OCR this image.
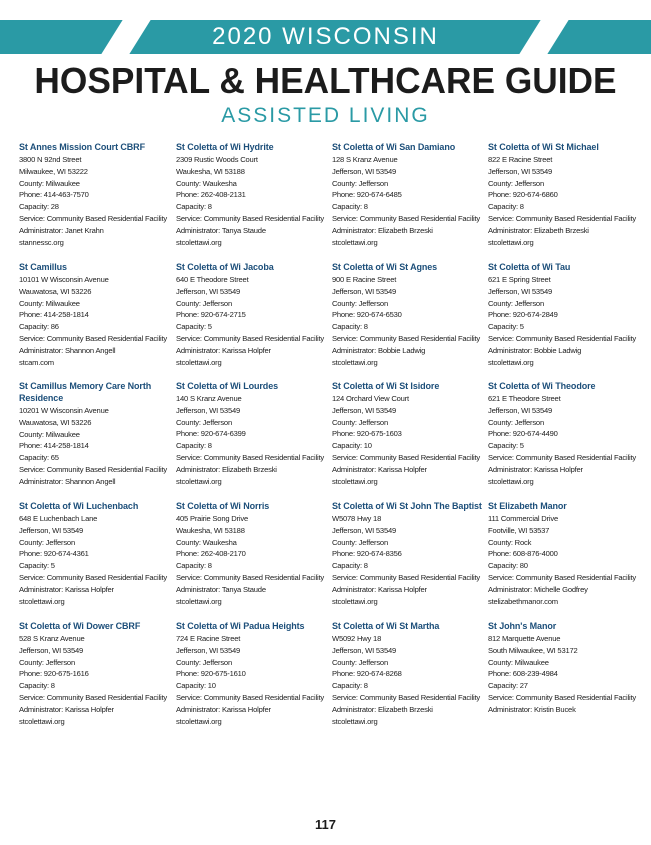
2020 WISCONSIN
HOSPITAL & HEALTHCARE GUIDE
ASSISTED LIVING
St Annes Mission Court CBRF
3800 N 92nd Street
Milwaukee, WI 53222
County: Milwaukee
Phone: 414-463-7570
Capacity: 28
Service: Community Based Residential Facility
Administrator: Janet Krahn
stannessc.org
St Camillus
10101 W Wisconsin Avenue
Wauwatosa, WI 53226
County: Milwaukee
Phone: 414-258-1814
Capacity: 86
Service: Community Based Residential Facility
Administrator: Shannon Angell
stcam.com
St Camillus Memory Care North Residence
10201 W Wisconsin Avenue
Wauwatosa, WI 53226
County: Milwaukee
Phone: 414-258-1814
Capacity: 65
Service: Community Based Residential Facility
Administrator: Shannon Angell
St Coletta of Wi Luchenbach
648 E Luchenbach Lane
Jefferson, WI 53549
County: Jefferson
Phone: 920-674-4361
Capacity: 5
Service: Community Based Residential Facility
Administrator: Karissa Holpfer
stcolettawi.org
St Coletta of Wi Dower CBRF
528 S Kranz Avenue
Jefferson, WI 53549
County: Jefferson
Phone: 920-675-1616
Capacity: 8
Service: Community Based Residential Facility
Administrator: Karissa Holpfer
stcolettawi.org
St Coletta of Wi Hydrite
2309 Rustic Woods Court
Waukesha, WI 53188
County: Waukesha
Phone: 262-408-2131
Capacity: 8
Service: Community Based Residential Facility
Administrator: Tanya Staude
stcolettawi.org
St Coletta of Wi Jacoba
640 E Theodore Street
Jefferson, WI 53549
County: Jefferson
Phone: 920-674-2715
Capacity: 5
Service: Community Based Residential Facility
Administrator: Karissa Holpfer
stcolettawi.org
St Coletta of Wi Lourdes
140 S Kranz Avenue
Jefferson, WI 53549
County: Jefferson
Phone: 920-674-6399
Capacity: 8
Service: Community Based Residential Facility
Administrator: Elizabeth Brzeski
stcolettawi.org
St Coletta of Wi Norris
405 Prairie Song Drive
Waukesha, WI 53188
County: Waukesha
Phone: 262-408-2170
Capacity: 8
Service: Community Based Residential Facility
Administrator: Tanya Staude
stcolettawi.org
St Coletta of Wi Padua Heights
724 E Racine Street
Jefferson, WI 53549
County: Jefferson
Phone: 920-675-1610
Capacity: 10
Service: Community Based Residential Facility
Administrator: Karissa Holpfer
stcolettawi.org
St Coletta of Wi San Damiano
128 S Kranz Avenue
Jefferson, WI 53549
County: Jefferson
Phone: 920-674-6485
Capacity: 8
Service: Community Based Residential Facility
Administrator: Elizabeth Brzeski
stcolettawi.org
St Coletta of Wi St Agnes
900 E Racine Street
Jefferson, WI 53549
County: Jefferson
Phone: 920-674-6530
Capacity: 8
Service: Community Based Residential Facility
Administrator: Bobbie Ladwig
stcolettawi.org
St Coletta of Wi St Isidore
124 Orchard View Court
Jefferson, WI 53549
County: Jefferson
Phone: 920-675-1603
Capacity: 10
Service: Community Based Residential Facility
Administrator: Karissa Holpfer
stcolettawi.org
St Coletta of Wi St John The Baptist
W5078 Hwy 18
Jefferson, WI 53549
County: Jefferson
Phone: 920-674-8356
Capacity: 8
Service: Community Based Residential Facility
Administrator: Karissa Holpfer
stcolettawi.org
St Coletta of Wi St Martha
W5092 Hwy 18
Jefferson, WI 53549
County: Jefferson
Phone: 920-674-8268
Capacity: 8
Service: Community Based Residential Facility
Administrator: Elizabeth Brzeski
stcolettawi.org
St Coletta of Wi St Michael
822 E Racine Street
Jefferson, WI 53549
County: Jefferson
Phone: 920-674-6860
Capacity: 8
Service: Community Based Residential Facility
Administrator: Elizabeth Brzeski
stcolettawi.org
St Coletta of Wi Tau
621 E Spring Street
Jefferson, WI 53549
County: Jefferson
Phone: 920-674-2849
Capacity: 5
Service: Community Based Residential Facility
Administrator: Bobbie Ladwig
stcolettawi.org
St Coletta of Wi Theodore
621 E Theodore Street
Jefferson, WI 53549
County: Jefferson
Phone: 920-674-4490
Capacity: 5
Service: Community Based Residential Facility
Administrator: Karissa Holpfer
stcolettawi.org
St Elizabeth Manor
111 Commercial Drive
Footville, WI 53537
County: Rock
Phone: 608-876-4000
Capacity: 80
Service: Community Based Residential Facility
Administrator: Michelle Godfrey
stelizabethmanor.com
St John's Manor
812 Marquette Avenue
South Milwaukee, WI 53172
County: Milwaukee
Phone: 608-239-4984
Capacity: 27
Service: Community Based Residential Facility
Administrator: Kristin Bucek
117
